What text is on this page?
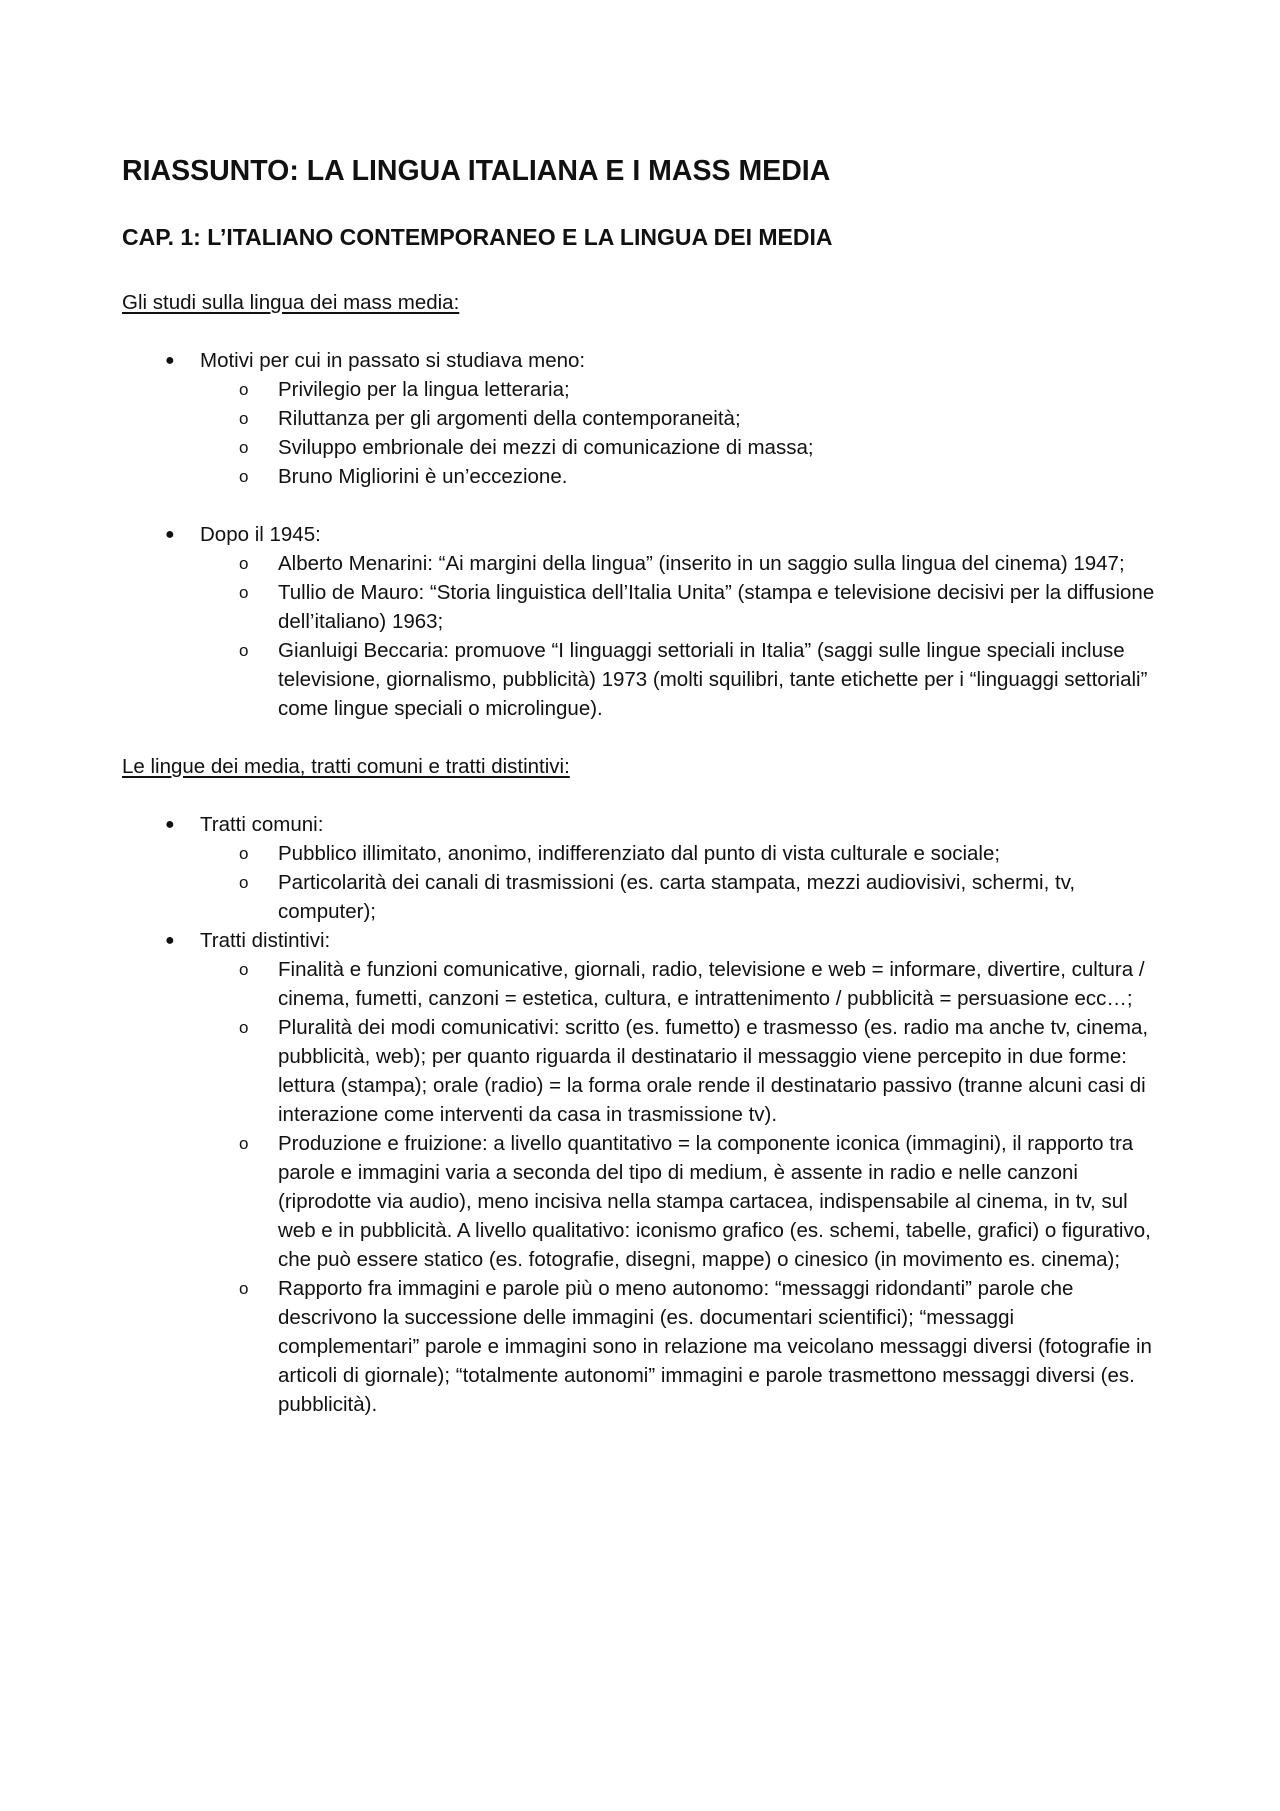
RIASSUNTO: LA LINGUA ITALIANA E I MASS MEDIA
CAP. 1: L’ITALIANO CONTEMPORANEO E LA LINGUA DEI MEDIA

Gli studi sulla lingua dei mass media:

● Motivi per cui in passato si studiava meno:
o Privilegio per la lingua letteraria;
o Riluttanza per gli argomenti della contemporaneità;
o Sviluppo embrionale dei mezzi di comunicazione di massa;
o Bruno Migliorini è un’eccezione.
● Dopo il 1945:
o Alberto Menarini: “Ai margini della lingua” (inserito in un saggio sulla lingua del cinema) 1947;
o Tullio de Mauro: “Storia linguistica dell’Italia Unita” (stampa e televisione decisivi per la diffusione dell’italiano) 1963;
o Gianluigi Beccaria: promuove “I linguaggi settoriali in Italia” (saggi sulle lingue speciali incluse televisione, giornalismo, pubblicità) 1973 (molti squilibri, tante etichette per i “linguaggi settoriali” come lingue speciali o microlingue).

Le lingue dei media, tratti comuni e tratti distintivi:

● Tratti comuni:
o Pubblico illimitato, anonimo, indifferenziato dal punto di vista culturale e sociale;
o Particolarità dei canali di trasmissioni (es. carta stampata, mezzi audiovisivi, schermi, tv, computer);
● Tratti distintivi:
o Finalità e funzioni comunicative, giornali, radio, televisione e web = informare, divertire, cultura / cinema, fumetti, canzoni = estetica, cultura, e intrattenimento / pubblicità = persuasione ecc…;
o Pluralità dei modi comunicativi: scritto (es. fumetto) e trasmesso (es. radio ma anche tv, cinema, pubblicità, web); per quanto riguarda il destinatario il messaggio viene percepito in due forme: lettura (stampa); orale (radio) = la forma orale rende il destinatario passivo (tranne alcuni casi di interazione come interventi da casa in trasmissione tv).
o Produzione e fruizione: a livello quantitativo = la componente iconica (immagini), il rapporto tra parole e immagini varia a seconda del tipo di medium, è assente in radio e nelle canzoni (riprodotte via audio), meno incisiva nella stampa cartacea, indispensabile al cinema, in tv, sul web e in pubblicità. A livello qualitativo: iconismo grafico (es. schemi, tabelle, grafici) o figurativo, che può essere statico (es. fotografie, disegni, mappe) o cinesico (in movimento es. cinema);
o Rapporto fra immagini e parole più o meno autonomo: “messaggi ridondanti” parole che descrivono la successione delle immagini (es. documentari scientifici); “messaggi complementari” parole e immagini sono in relazione ma veicolano messaggi diversi (fotografie in articoli di giornale); “totalmente autonomi” immagini e parole trasmettono messaggi diversi (es. pubblicità).
